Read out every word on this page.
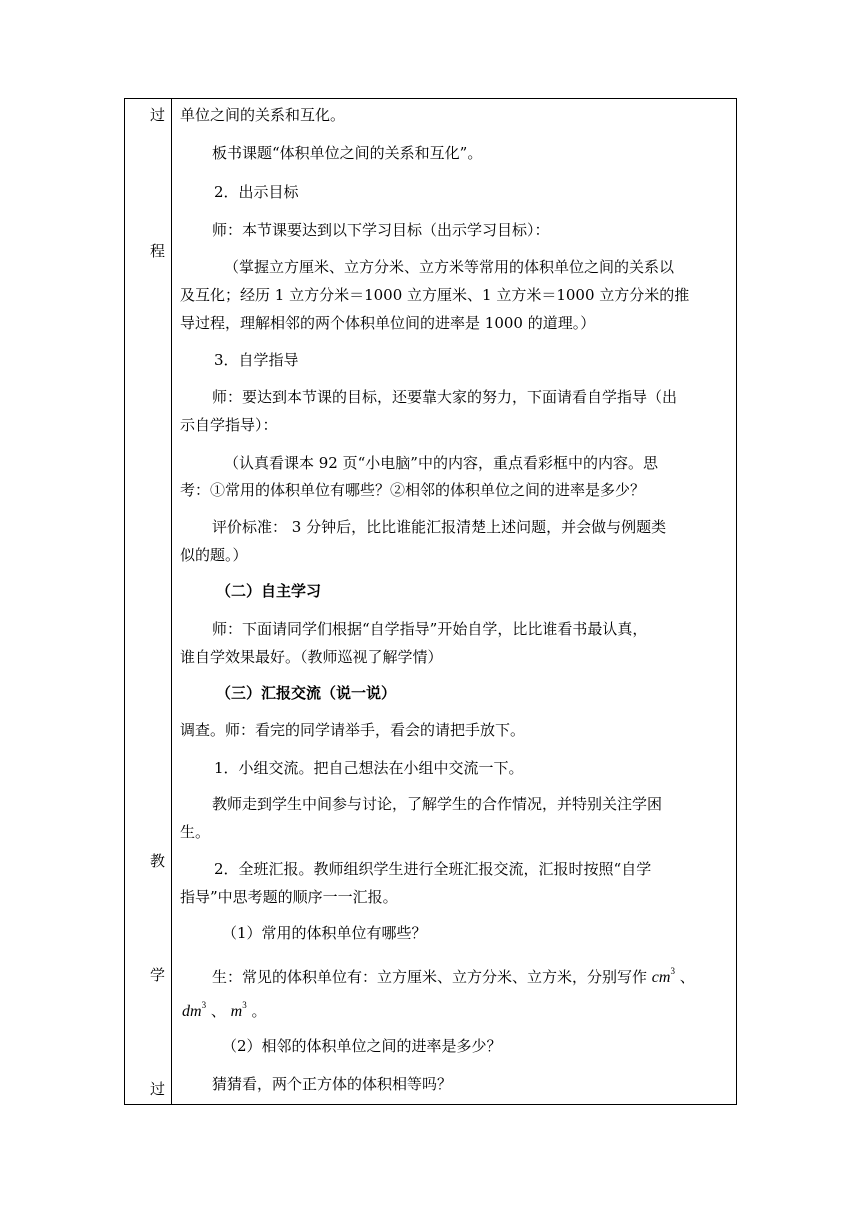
过
程
教
学
过
单位之间的关系和互化。
板书课题“体积单位之间的关系和互化”。
2．出示目标
师：本节课要达到以下学习目标（出示学习目标）：
（掌握立方厘米、立方分米、立方米等常用的体积单位之间的关系以
及互化；经历 1 立方分米＝1000 立方厘米、1 立方米＝1000 立方分米的推
导过程，理解相邻的两个体积单位间的进率是 1000 的道理。）
3．自学指导
师：要达到本节课的目标，还要靠大家的努力，下面请看自学指导（出
示自学指导）：
（认真看课本 92 页“小电脑”中的内容，重点看彩框中的内容。思
考：①常用的体积单位有哪些？②相邻的体积单位之间的进率是多少？
评价标准： 3 分钟后，比比谁能汇报清楚上述问题，并会做与例题类
似的题。）
（二）自主学习
师：下面请同学们根据“自学指导”开始自学，比比谁看书最认真，
谁自学效果最好。（教师巡视了解学情）
（三）汇报交流（说一说）
调查。师：看完的同学请举手，看会的请把手放下。
1．小组交流。把自己想法在小组中交流一下。
教师走到学生中间参与讨论，了解学生的合作情况，并特别关注学困
生。
2．全班汇报。教师组织学生进行全班汇报交流，汇报时按照“自学
指导”中思考题的顺序一一汇报。
（1）常用的体积单位有哪些？
生：常见的体积单位有：立方厘米、立方分米、立方米，分别写作 $cm^3$ 、
$dm^3$ 、 $m^3$ 。
（2）相邻的体积单位之间的进率是多少？
猜猜看，两个正方体的体积相等吗？
